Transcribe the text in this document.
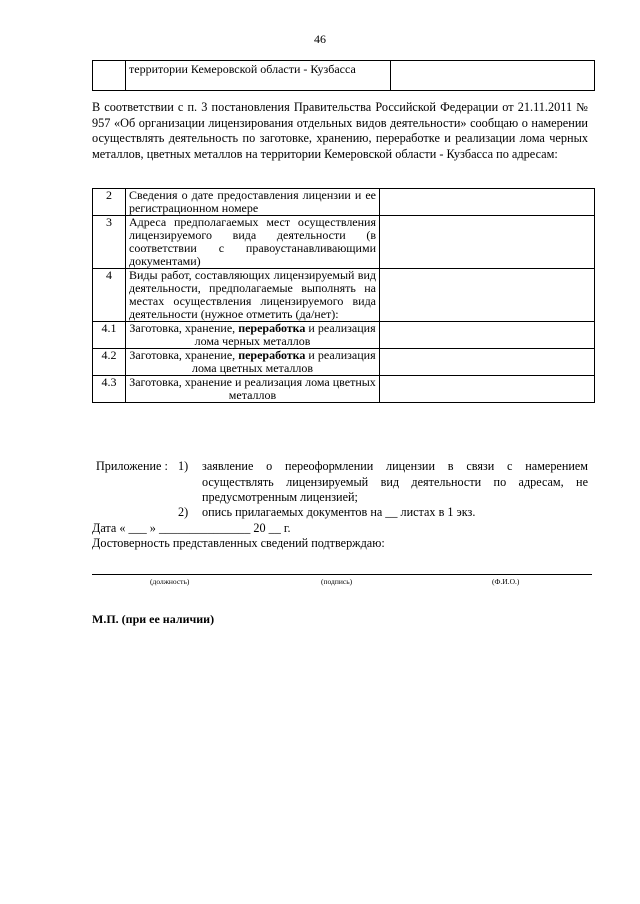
46
	территории Кемеровской области - Кузбасса	
В соответствии с п. 3 постановления Правительства Российской Федерации от 21.11.2011 № 957 «Об организации лицензирования отдельных видов деятельности» сообщаю о намерении осуществлять деятельность по заготовке, хранению, переработке и реализации лома черных металлов, цветных металлов на территории Кемеровской области - Кузбасса по адресам:
2	Сведения о дате предоставления лицензии и ее регистрационном номере	
3	Адреса предполагаемых мест осуществления лицензируемого вида деятельности (в соответствии с правоустанавливающими документами)	
4	Виды работ, составляющих лицензируемый вид деятельности, предполагаемые выполнять на местах осуществления лицензируемого вида деятельности (нужное отметить (да/нет):	
4.1	Заготовка, хранение, переработка и реализация лома черных металлов	
4.2	Заготовка, хранение, переработка и реализация лома цветных металлов	
4.3	Заготовка, хранение и реализация лома цветных металлов	
Приложение : 1) заявление о переоформлении лицензии в связи с намерением осуществлять лицензируемый вид деятельности по адресам, не предусмотренным лицензией;
2) опись прилагаемых документов на __ листах в 1 экз.
Дата « ___ » _______________ 20 __ г.
Достоверность представленных сведений подтверждаю:
(должность)	(подпись)	(Ф.И.О.)
М.П. (при ее наличии)
